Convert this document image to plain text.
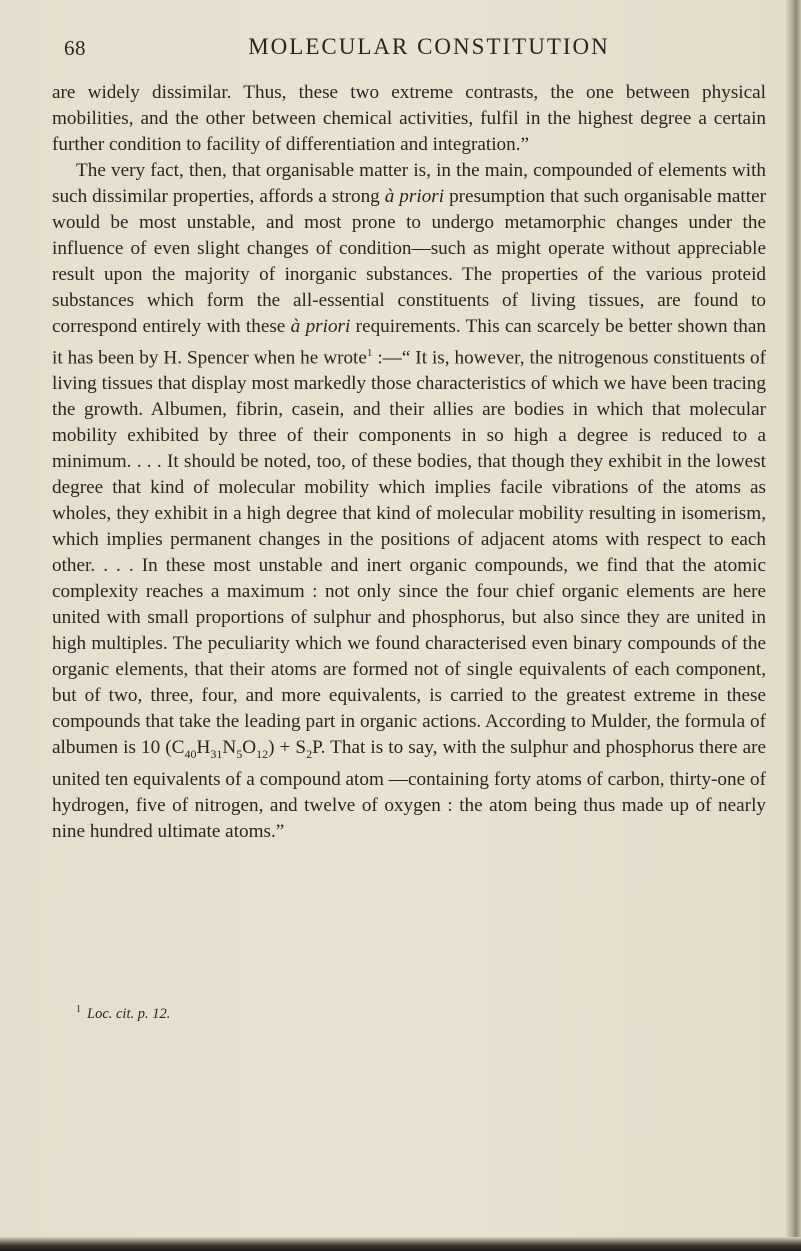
68	MOLECULAR CONSTITUTION

are widely dissimilar. Thus, these two extreme contrasts, the one between physical mobilities, and the other between chemical activities, fulfil in the highest degree a certain further condition to facility of differentiation and integration.”

The very fact, then, that organisable matter is, in the main, compounded of elements with such dissimilar properties, affords a strong à priori presumption that such organisable matter would be most unstable, and most prone to undergo metamorphic changes under the influence of even slight changes of condition—such as might operate without appreciable result upon the majority of inorganic substances. The properties of the various proteid substances which form the all-essential constituents of living tissues, are found to correspond entirely with these à priori requirements. This can scarcely be better shown than it has been by H. Spencer when he wrote$^1$ :—“ It is, however, the nitrogenous constituents of living tissues that display most markedly those characteristics of which we have been tracing the growth. Albumen, fibrin, casein, and their allies are bodies in which that molecular mobility exhibited by three of their components in so high a degree is reduced to a minimum. . . . It should be noted, too, of these bodies, that though they exhibit in the lowest degree that kind of molecular mobility which implies facile vibrations of the atoms as wholes, they exhibit in a high degree that kind of molecular mobility resulting in isomerism, which implies permanent changes in the positions of adjacent atoms with respect to each other. . . . In these most unstable and inert organic compounds, we find that the atomic complexity reaches a maximum : not only since the four chief organic elements are here united with small proportions of sulphur and phosphorus, but also since they are united in high multiples. The peculiarity which we found characterised even binary compounds of the organic elements, that their atoms are formed not of single equivalents of each component, but of two, three, four, and more equivalents, is carried to the greatest extreme in these compounds that take the leading part in organic actions. According to Mulder, the formula of albumen is 10 $(C_{40}H_{31}N_5O_{12}) + S_2P$. That is to say, with the sulphur and phosphorus there are united ten equivalents of a compound atom —containing forty atoms of carbon, thirty-one of hydrogen, five of nitrogen, and twelve of oxygen : the atom being thus made up of nearly nine hundred ultimate atoms.”

$^1$ Loc. cit. p. 12.
